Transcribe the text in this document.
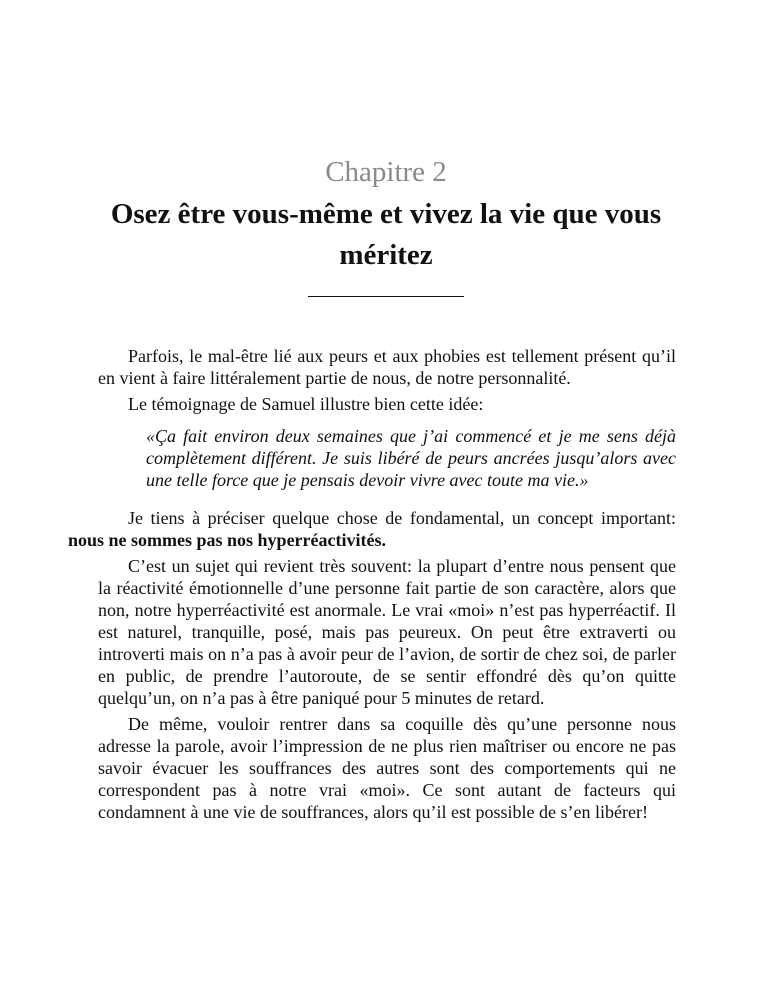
Chapitre 2
Osez être vous-même et vivez la vie que vous méritez

Parfois, le mal-être lié aux peurs et aux phobies est tellement présent qu’il en vient à faire littéralement partie de nous, de notre personnalité.

Le témoignage de Samuel illustre bien cette idée:

«Ça fait environ deux semaines que j’ai commencé et je me sens déjà complètement différent. Je suis libéré de peurs ancrées jusqu’alors avec une telle force que je pensais devoir vivre avec toute ma vie.»

Je tiens à préciser quelque chose de fondamental, un concept important: nous ne sommes pas nos hyperréactivités.

C’est un sujet qui revient très souvent: la plupart d’entre nous pensent que la réactivité émotionnelle d’une personne fait partie de son caractère, alors que non, notre hyperréactivité est anormale. Le vrai «moi» n’est pas hyperréactif. Il est naturel, tranquille, posé, mais pas peureux. On peut être extraverti ou introverti mais on n’a pas à avoir peur de l’avion, de sortir de chez soi, de parler en public, de prendre l’autoroute, de se sentir effondré dès qu’on quitte quelqu’un, on n’a pas à être paniqué pour 5 minutes de retard.

De même, vouloir rentrer dans sa coquille dès qu’une personne nous adresse la parole, avoir l’impression de ne plus rien maîtriser ou encore ne pas savoir évacuer les souffrances des autres sont des comportements qui ne correspondent pas à notre vrai «moi». Ce sont autant de facteurs qui condamnent à une vie de souffrances, alors qu’il est possible de s’en libérer!
